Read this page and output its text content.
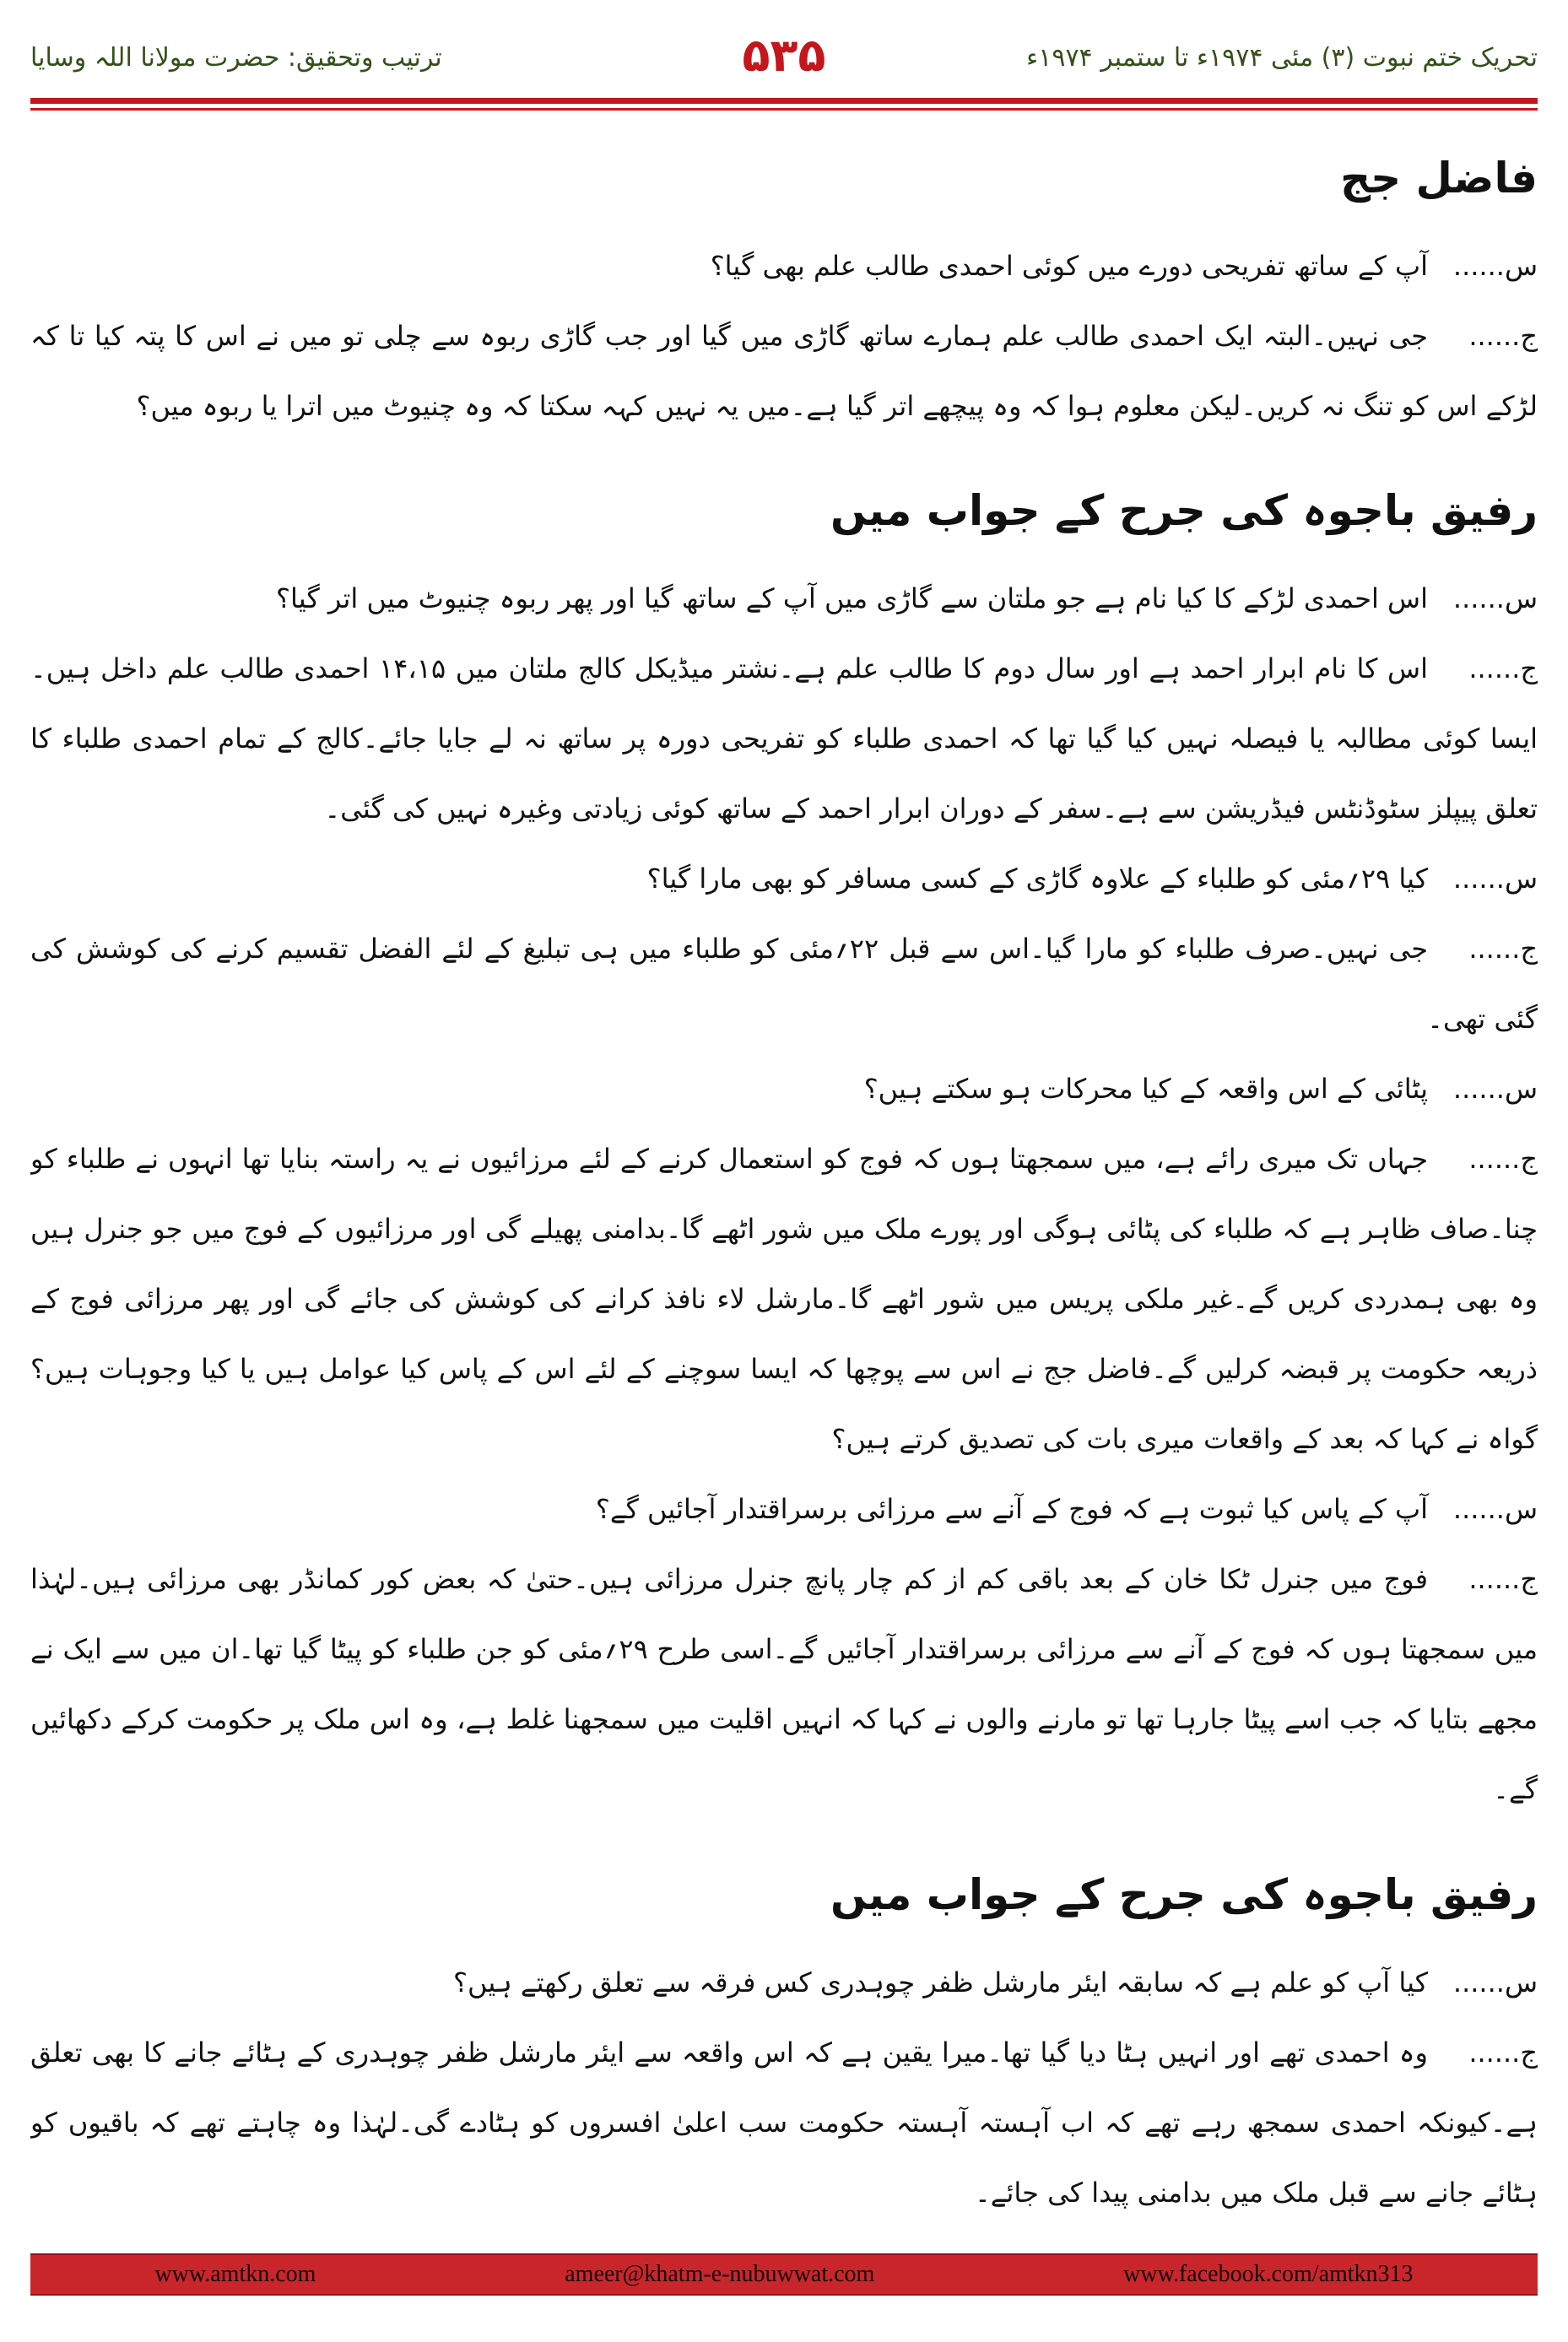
تحریک ختم نبوت (۳) مئی ۱۹۷۴ء تا ستمبر ۱۹۷۴ء
۵۳۵
ترتیب وتحقیق: حضرت مولانا اللہ وسایا
فاضل جج

س......آپ کے ساتھ تفریحی دورے میں کوئی احمدی طالب علم بھی گیا؟

ج......جی نہیں۔البتہ ایک احمدی طالب علم ہمارے ساتھ گاڑی میں گیا اور جب گاڑی ربوہ سے چلی تو میں نے اس کا پتہ کیا تا کہ لڑکے اس کو تنگ نہ کریں۔لیکن معلوم ہوا کہ وہ پیچھے اتر گیا ہے۔میں یہ نہیں کہہ سکتا کہ وہ چنیوٹ میں اترا یا ربوہ میں؟

رفیق باجوہ کی جرح کے جواب میں

س......اس احمدی لڑکے کا کیا نام ہے جو ملتان سے گاڑی میں آپ کے ساتھ گیا اور پھر ربوہ چنیوٹ میں اتر گیا؟

ج......اس کا نام ابرار احمد ہے اور سال دوم کا طالب علم ہے۔نشتر میڈیکل کالج ملتان میں ۱۴،۱۵ احمدی طالب علم داخل ہیں۔ایسا کوئی مطالبہ یا فیصلہ نہیں کیا گیا تھا کہ احمدی طلباء کو تفریحی دورہ پر ساتھ نہ لے جایا جائے۔کالج کے تمام احمدی طلباء کا تعلق پیپلز سٹوڈنٹس فیڈریشن سے ہے۔سفر کے دوران ابرار احمد کے ساتھ کوئی زیادتی وغیرہ نہیں کی گئی۔

س......کیا ۲۹؍مئی کو طلباء کے علاوہ گاڑی کے کسی مسافر کو بھی مارا گیا؟

ج......جی نہیں۔صرف طلباء کو مارا گیا۔اس سے قبل ۲۲؍مئی کو طلباء میں ہی تبلیغ کے لئے الفضل تقسیم کرنے کی کوشش کی گئی تھی۔

س......پٹائی کے اس واقعہ کے کیا محرکات ہو سکتے ہیں؟

ج......جہاں تک میری رائے ہے، میں سمجھتا ہوں کہ فوج کو استعمال کرنے کے لئے مرزائیوں نے یہ راستہ بنایا تھا انہوں نے طلباء کو چنا۔صاف ظاہر ہے کہ طلباء کی پٹائی ہوگی اور پورے ملک میں شور اٹھے گا۔بدامنی پھیلے گی اور مرزائیوں کے فوج میں جو جنرل ہیں وہ بھی ہمدردی کریں گے۔غیر ملکی پریس میں شور اٹھے گا۔مارشل لاء نافذ کرانے کی کوشش کی جائے گی اور پھر مرزائی فوج کے ذریعہ حکومت پر قبضہ کرلیں گے۔فاضل جج نے اس سے پوچھا کہ ایسا سوچنے کے لئے اس کے پاس کیا عوامل ہیں یا کیا وجوہات ہیں؟ گواہ نے کہا کہ بعد کے واقعات میری بات کی تصدیق کرتے ہیں؟

س......آپ کے پاس کیا ثبوت ہے کہ فوج کے آنے سے مرزائی برسراقتدار آجائیں گے؟

ج......فوج میں جنرل ٹکا خان کے بعد باقی کم از کم چار پانچ جنرل مرزائی ہیں۔حتیٰ کہ بعض کور کمانڈر بھی مرزائی ہیں۔لہٰذا میں سمجھتا ہوں کہ فوج کے آنے سے مرزائی برسراقتدار آجائیں گے۔اسی طرح ۲۹؍مئی کو جن طلباء کو پیٹا گیا تھا۔ان میں سے ایک نے مجھے بتایا کہ جب اسے پیٹا جارہا تھا تو مارنے والوں نے کہا کہ انہیں اقلیت میں سمجھنا غلط ہے، وہ اس ملک پر حکومت کرکے دکھائیں گے۔

رفیق باجوہ کی جرح کے جواب میں

س......کیا آپ کو علم ہے کہ سابقہ ایئر مارشل ظفر چوہدری کس فرقہ سے تعلق رکھتے ہیں؟

ج......وہ احمدی تھے اور انہیں ہٹا دیا گیا تھا۔میرا یقین ہے کہ اس واقعہ سے ایئر مارشل ظفر چوہدری کے ہٹائے جانے کا بھی تعلق ہے۔کیونکہ احمدی سمجھ رہے تھے کہ اب آہستہ آہستہ حکومت سب اعلیٰ افسروں کو ہٹادے گی۔لہٰذا وہ چاہتے تھے کہ باقیوں کو ہٹائے جانے سے قبل ملک میں بدامنی پیدا کی جائے۔

www.amtkn.com	ameer@khatm-e-nubuwwat.com	www.facebook.com/amtkn313
